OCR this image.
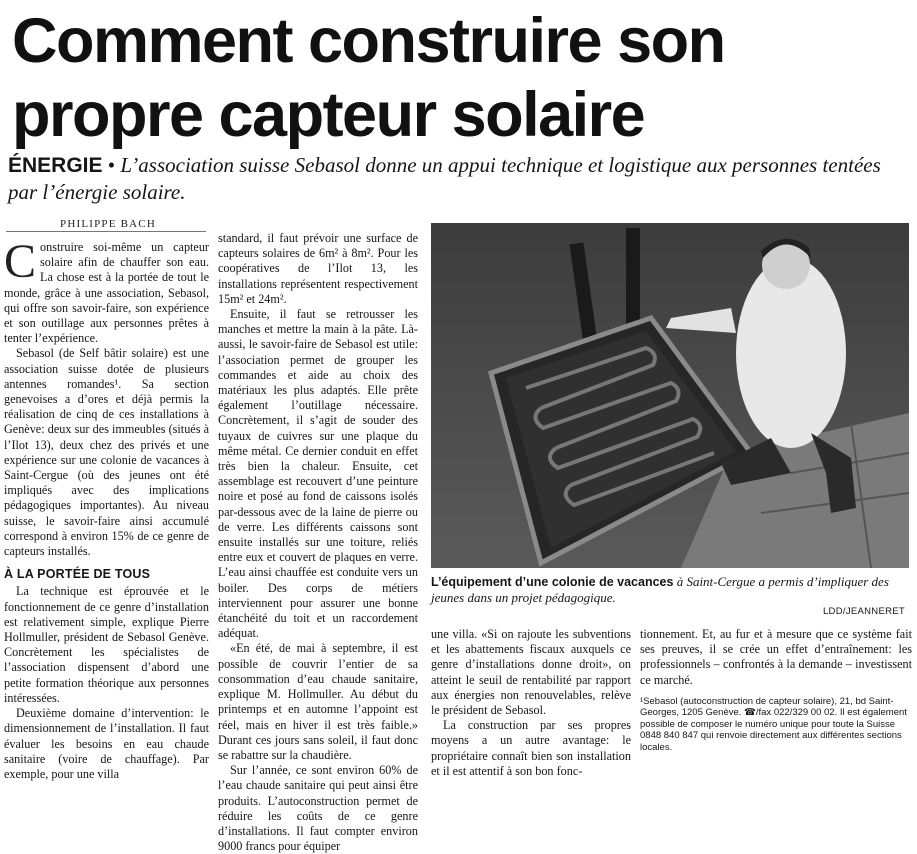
Comment construire son
propre capteur solaire
ÉNERGIE • L’association suisse Sebasol donne un appui technique et logistique aux personnes tentées par l’énergie solaire.
PHILIPPE BACH

Construire soi-même un capteur solaire afin de chauffer son eau. La chose est à la portée de tout le monde, grâce à une association, Sebasol, qui offre son savoir-faire, son expérience et son outillage aux personnes prêtes à tenter l’expérience.

Sebasol (de Self bâtir solaire) est une association suisse dotée de plusieurs antennes romandes¹. Sa section genevoises a d’ores et déjà permis la réalisation de cinq de ces installations à Genève: deux sur des immeubles (situés à l’Ilot 13), deux chez des privés et une expérience sur une colonie de vacances à Saint-Cergue (où des jeunes ont été impliqués avec des implications pédagogiques importantes). Au niveau suisse, le savoir-faire ainsi accumulé correspond à environ 15% de ce genre de capteurs installés.

À LA PORTÉE DE TOUS

La technique est éprouvée et le fonctionnement de ce genre d’installation est relativement simple, explique Pierre Hollmuller, président de Sebasol Genève. Concrètement les spécialistes de l’association dispensent d’abord une petite formation théorique aux personnes intéressées.

Deuxième domaine d’intervention: le dimensionnement de l’installation. Il faut évaluer les besoins en eau chaude sanitaire (voire de chauffage). Par exemple, pour une villa

standard, il faut prévoir une surface de capteurs solaires de 6m² à 8m². Pour les coopératives de l’Ilot 13, les installations représentent respectivement 15m² et 24m².

Ensuite, il faut se retrousser les manches et mettre la main à la pâte. Là-aussi, le savoir-faire de Sebasol est utile: l’association permet de grouper les commandes et aide au choix des matériaux les plus adaptés. Elle prête également l’outillage nécessaire. Concrètement, il s’agit de souder des tuyaux de cuivres sur une plaque du même métal. Ce dernier conduit en effet très bien la chaleur. Ensuite, cet assemblage est recouvert d’une peinture noire et posé au fond de caissons isolés par-dessous avec de la laine de pierre ou de verre. Les différents caissons sont ensuite installés sur une toiture, reliés entre eux et couvert de plaques en verre. L’eau ainsi chauffée est conduite vers un boiler. Des corps de métiers interviennent pour assurer une bonne étanchéité du toit et un raccordement adéquat.

«En été, de mai à septembre, il est possible de couvrir l’entier de sa consommation d’eau chaude sanitaire, explique M. Hollmuller. Au début du printemps et en automne l’appoint est réel, mais en hiver il est très faible.» Durant ces jours sans soleil, il faut donc se rabattre sur la chaudière.

Sur l’année, ce sont environ 60% de l’eau chaude sanitaire qui peut ainsi être produits. L’autoconstruction permet de réduire les coûts de ce genre d’installations. Il faut compter environ 9000 francs pour équiper

L’équipement d’une colonie de vacances à Saint-Cergue a permis d’impliquer des jeunes dans un projet pédagogique.
LDD/JEANNERET

une villa. «Si on rajoute les subventions et les abattements fiscaux auxquels ce genre d’installations donne droit», on atteint le seuil de rentabilité par rapport aux énergies non renouvelables, relève le président de Sebasol.

La construction par ses propres moyens a un autre avantage: le propriétaire connaît bien son installation et il est attentif à son bon fonc-

tionnement. Et, au fur et à mesure que ce système fait ses preuves, il se crée un effet d’entraînement: les professionnels – confrontés à la demande – investissent ce marché.

¹Sebasol (autoconstruction de capteur solaire), 21, bd Saint-Georges, 1205 Genève. ☎/fax 022/329 00 02. Il est également possible de composer le numéro unique pour toute la Suisse 0848 840 847 qui renvoie directement aux différentes sections locales.
